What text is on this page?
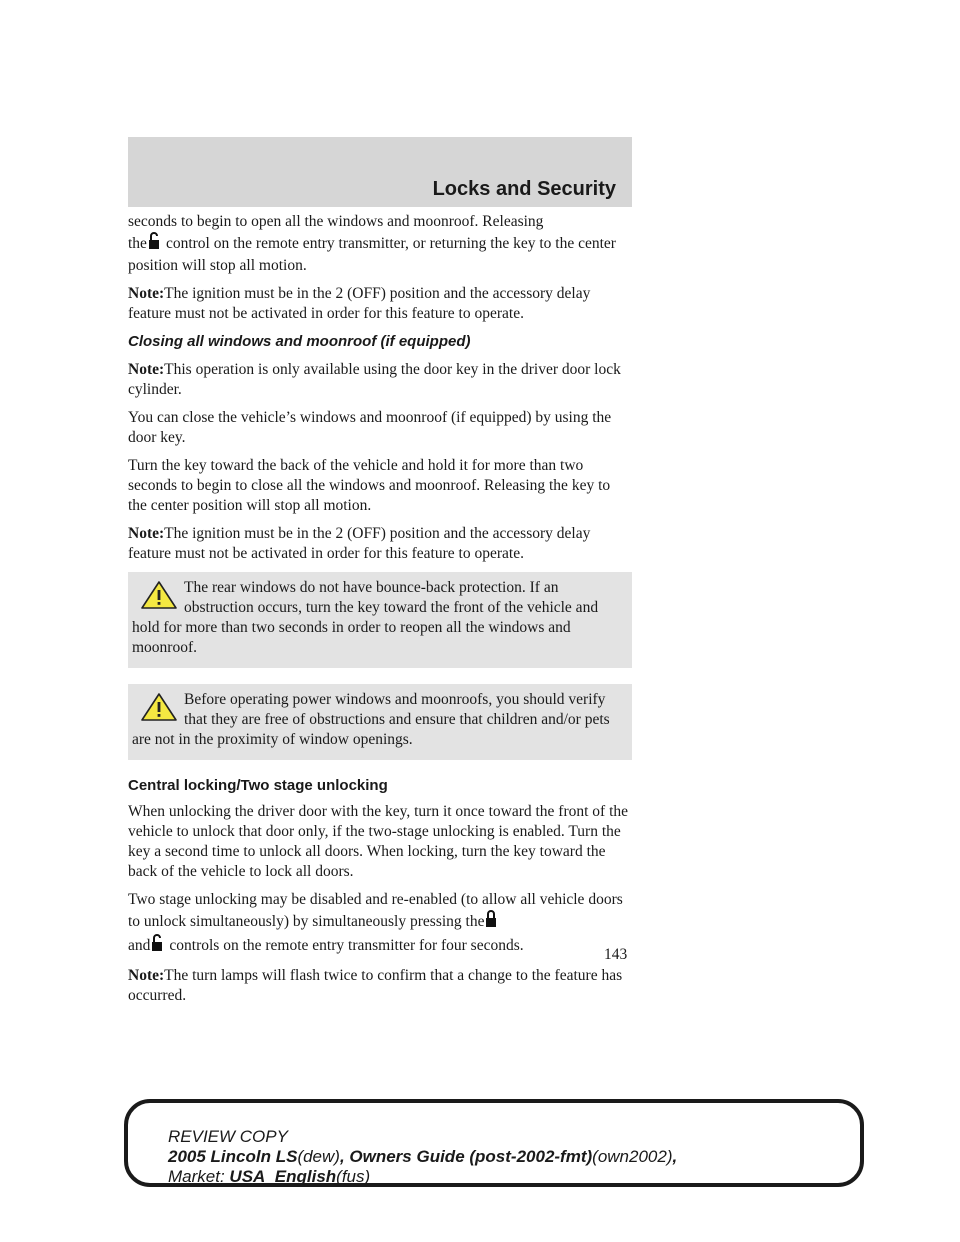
Locks and Security

seconds to begin to open all the windows and moonroof. Releasing
the control on the remote entry transmitter, or returning the key to the center position will stop all motion.

Note:The ignition must be in the 2 (OFF) position and the accessory delay feature must not be activated in order for this feature to operate.

Closing all windows and moonroof (if equipped)

Note:This operation is only available using the door key in the driver door lock cylinder.

You can close the vehicle’s windows and moonroof (if equipped) by using the door key.

Turn the key toward the back of the vehicle and hold it for more than two seconds to begin to close all the windows and moonroof. Releasing the key to the center position will stop all motion.

Note:The ignition must be in the 2 (OFF) position and the accessory delay feature must not be activated in order for this feature to operate.

The rear windows do not have bounce-back protection. If an obstruction occurs, turn the key toward the front of the vehicle and hold for more than two seconds in order to reopen all the windows and moonroof.

Before operating power windows and moonroofs, you should verify that they are free of obstructions and ensure that children and/or pets are not in the proximity of window openings.

Central locking/Two stage unlocking

When unlocking the driver door with the key, turn it once toward the front of the vehicle to unlock that door only, if the two-stage unlocking is enabled. Turn the key a second time to unlock all doors. When locking, turn the key toward the back of the vehicle to lock all doors.

Two stage unlocking may be disabled and re-enabled (to allow all vehicle doors to unlock simultaneously) by simultaneously pressing the
and controls on the remote entry transmitter for four seconds.

Note:The turn lamps will flash twice to confirm that a change to the feature has occurred.

143
REVIEW COPY
2005 Lincoln LS(dew), Owners Guide (post-2002-fmt)(own2002),
Market: USA_English(fus)
